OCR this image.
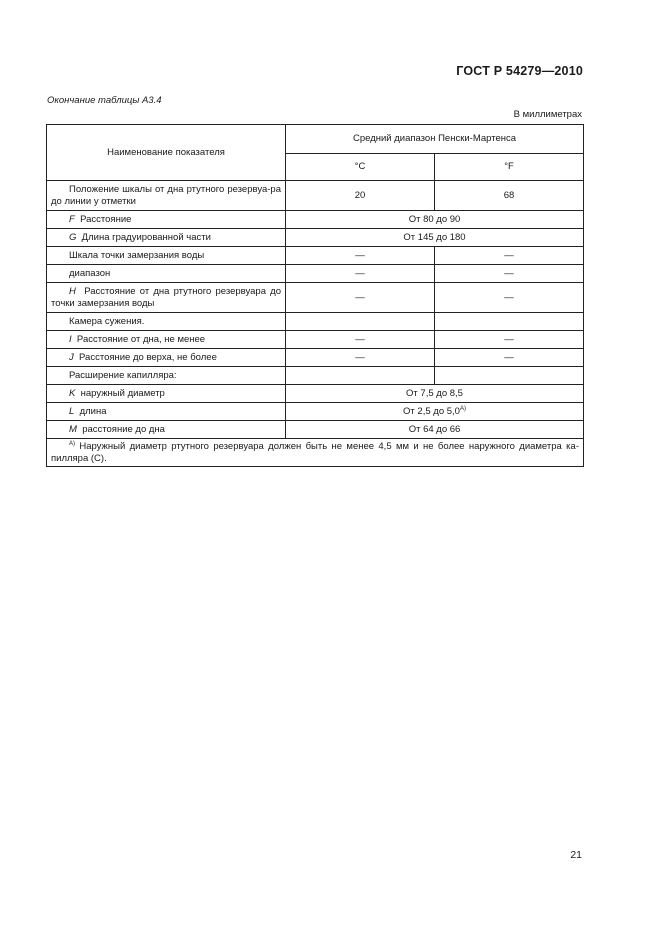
ГОСТ Р 54279—2010
Окончание таблицы А3.4
В миллиметрах
Наименование показателя	Средний диапазон Пенски-Мартенса	
	°С	°F
Положение шкалы от дна ртутного резервуа-ра до линии у отметки	20	68
F Расстояние	От 80 до 90	
G Длина градуированной части	От 145 до 180	
Шкала точки замерзания воды	—	—
диапазон	—	—
H Расстояние от дна ртутного резервуара до точки замерзания воды	—	—
Камера сужения.		
I Расстояние от дна, не менее	—	—
J Расстояние до верха, не более	—	—
Расширение капилляра:		
K наружный диаметр	От 7,5 до 8,5	
L длина	От 2,5 до $5,0^{А)}$
M расстояние до дна	От 64 до 66	
$^{А)}$ Наружный диаметр ртутного резервуара должен быть не менее 4,5 мм и не более наружного диаметра ка-пилляра (С).		
21
